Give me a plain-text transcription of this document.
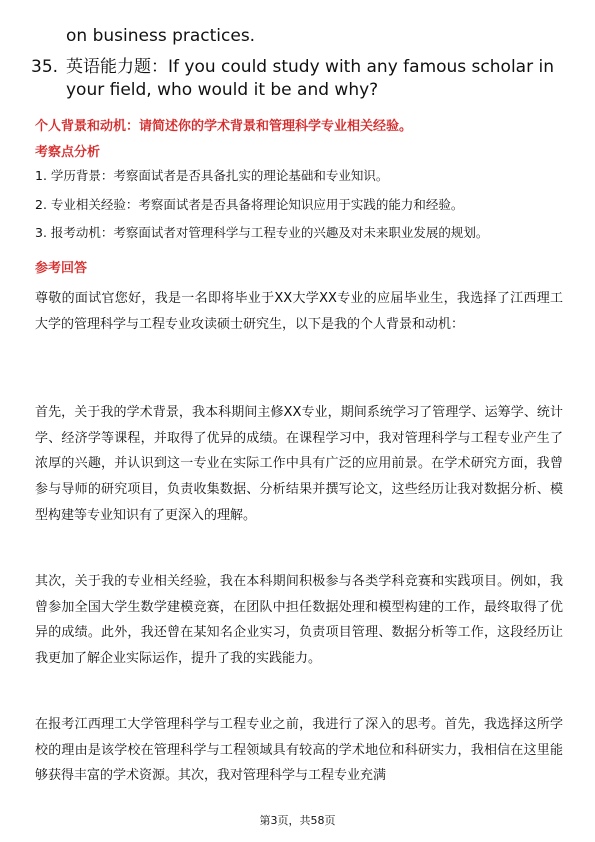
on business practices.
35. 英语能力题：If you could study with any famous scholar in your field, who would it be and why?
个人背景和动机：请简述你的学术背景和管理科学专业相关经验。
考察点分析
1. 学历背景：考察面试者是否具备扎实的理论基础和专业知识。
2. 专业相关经验：考察面试者是否具备将理论知识应用于实践的能力和经验。
3. 报考动机：考察面试者对管理科学与工程专业的兴趣及对未来职业发展的规划。
参考回答
尊敬的面试官您好，我是一名即将毕业于XX大学XX专业的应届毕业生，我选择了江西理工大学的管理科学与工程专业攻读硕士研究生，以下是我的个人背景和动机：
首先，关于我的学术背景，我本科期间主修XX专业，期间系统学习了管理学、运筹学、统计学、经济学等课程，并取得了优异的成绩。在课程学习中，我对管理科学与工程专业产生了浓厚的兴趣，并认识到这一专业在实际工作中具有广泛的应用前景。在学术研究方面，我曾参与导师的研究项目，负责收集数据、分析结果并撰写论文，这些经历让我对数据分析、模型构建等专业知识有了更深入的理解。
其次，关于我的专业相关经验，我在本科期间积极参与各类学科竞赛和实践项目。例如，我曾参加全国大学生数学建模竞赛，在团队中担任数据处理和模型构建的工作，最终取得了优异的成绩。此外，我还曾在某知名企业实习，负责项目管理、数据分析等工作，这段经历让我更加了解企业实际运作，提升了我的实践能力。
在报考江西理工大学管理科学与工程专业之前，我进行了深入的思考。首先，我选择这所学校的理由是该学校在管理科学与工程领域具有较高的学术地位和科研实力，我相信在这里能够获得丰富的学术资源。其次，我对管理科学与工程专业充满
第3页，共58页
